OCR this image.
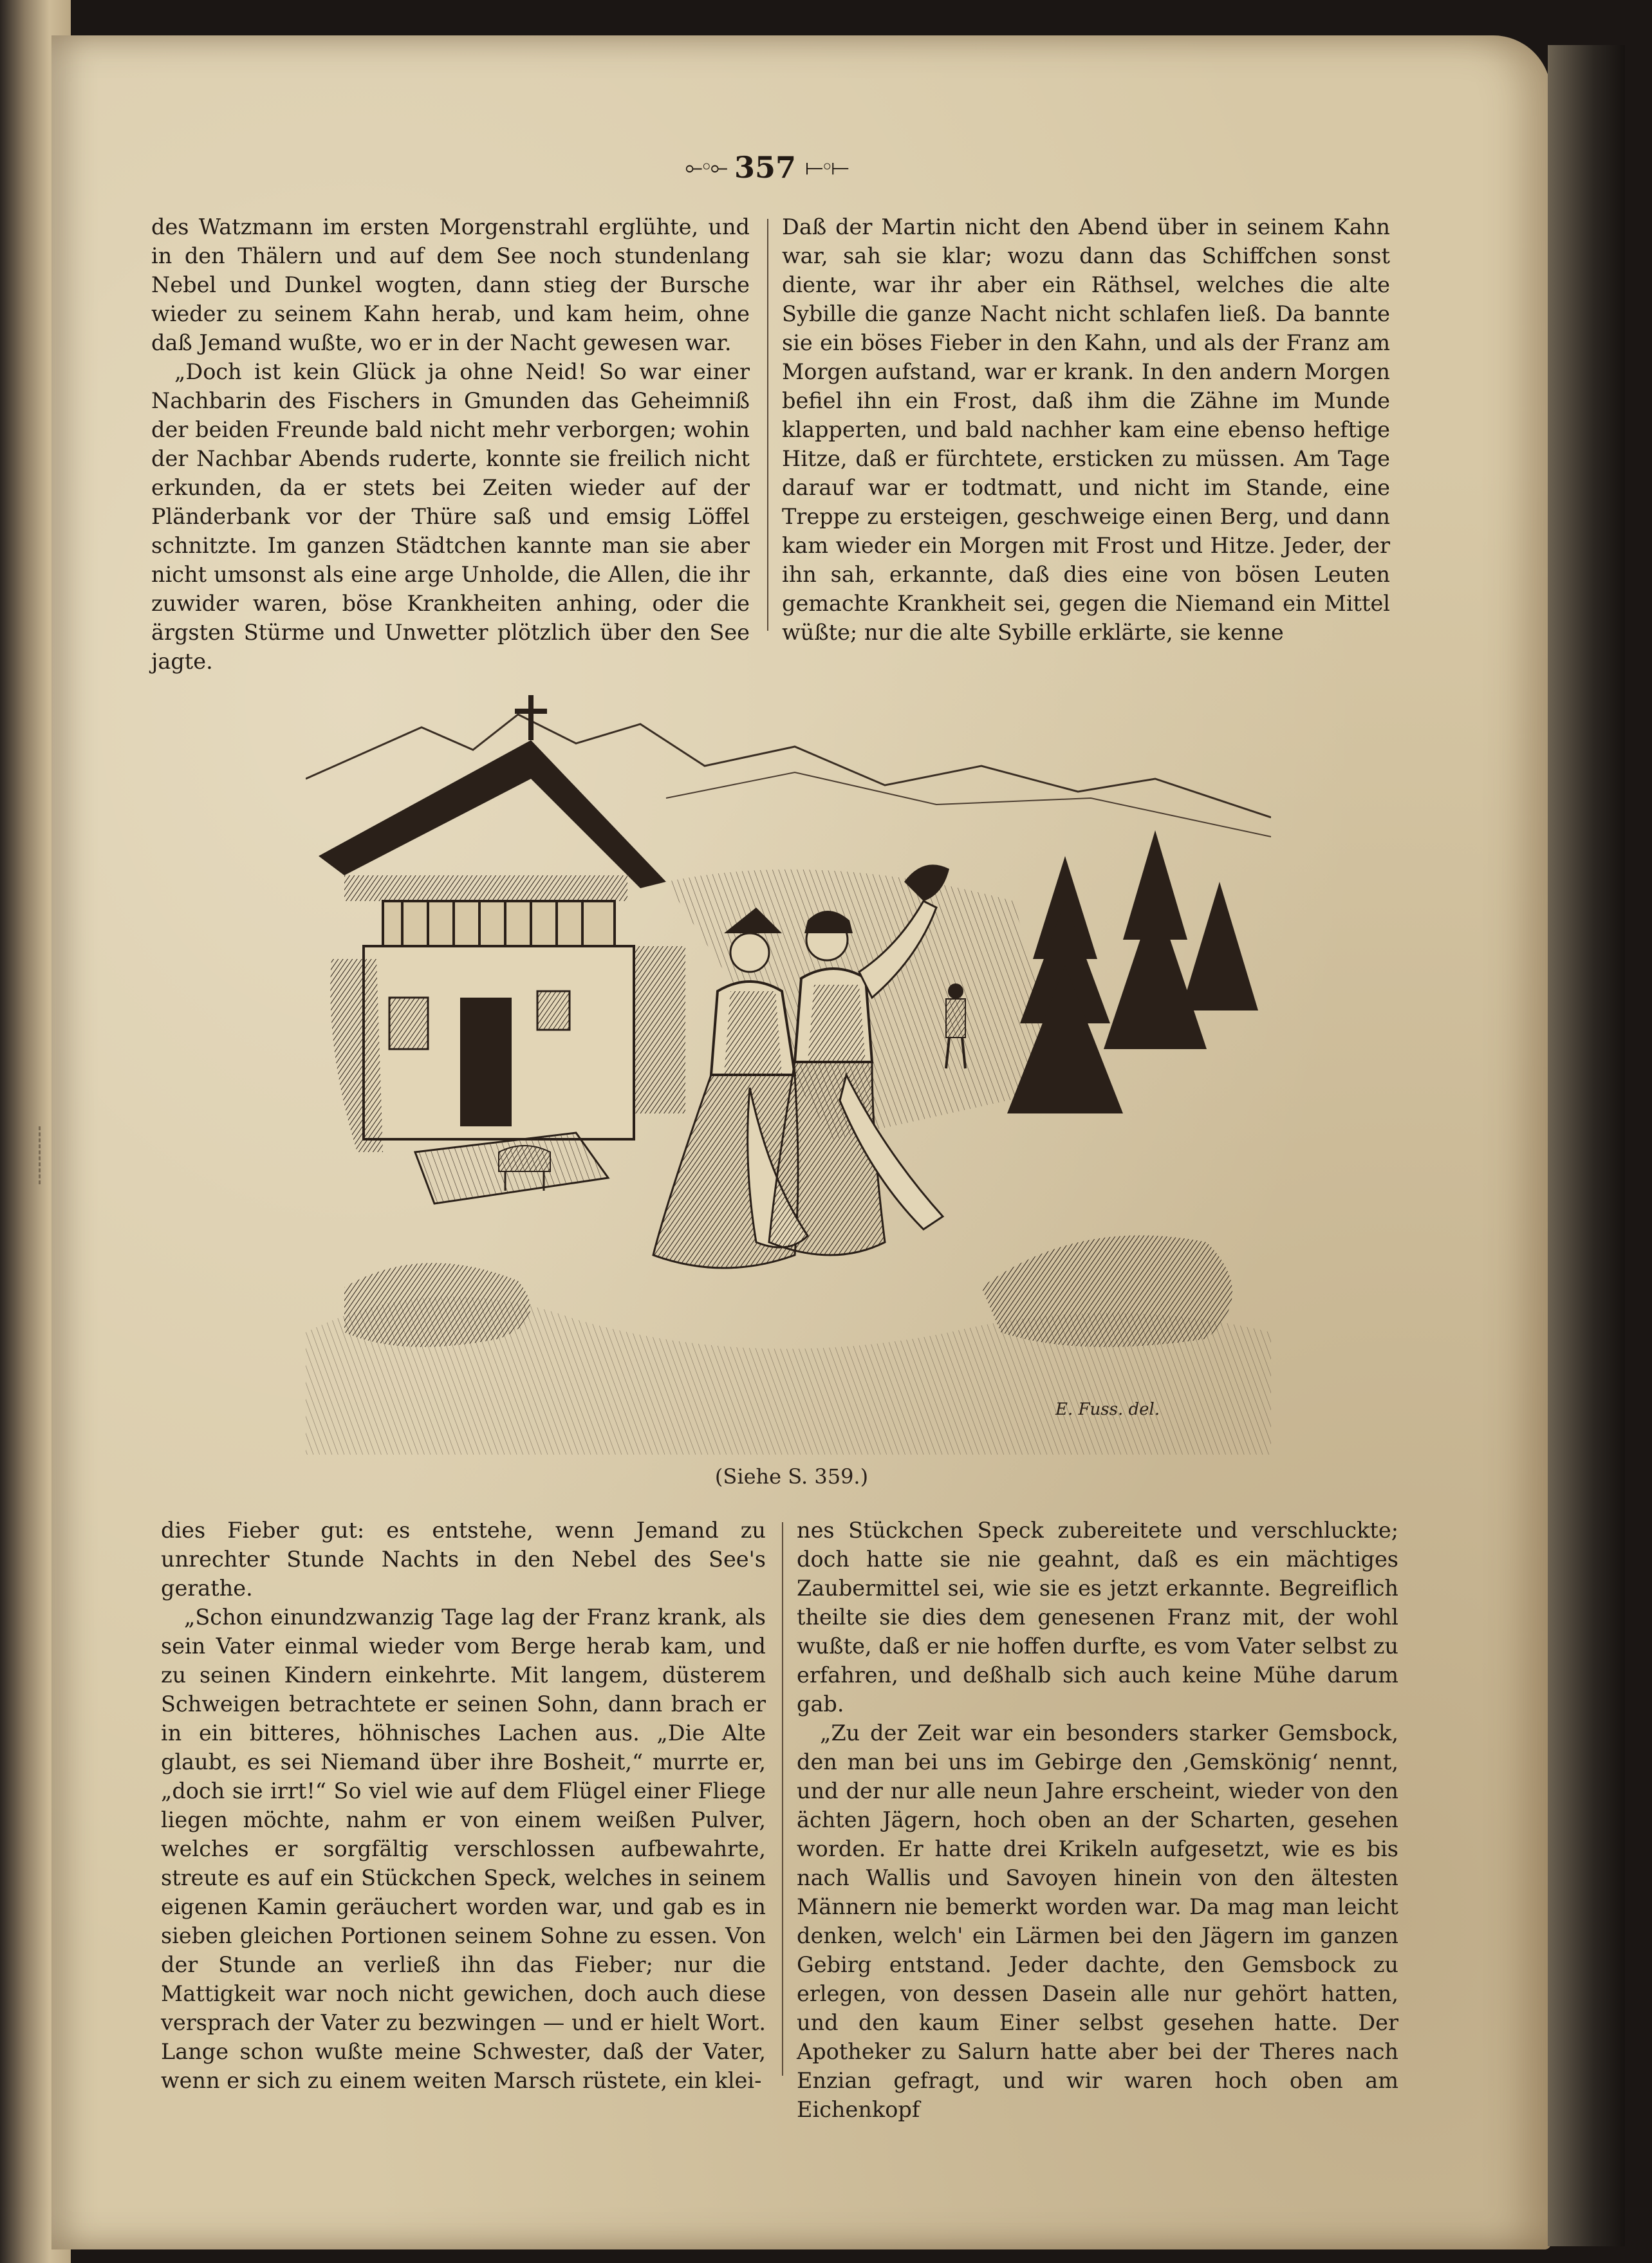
⟜◦⟜ 357 ⟝◦⟝

des Watzmann im ersten Morgenstrahl erglühte, und in den Thälern und auf dem See noch stundenlang Nebel und Dunkel wogten, dann stieg der Bursche wieder zu seinem Kahn herab, und kam heim, ohne daß Jemand wußte, wo er in der Nacht gewesen war.

„Doch ist kein Glück ja ohne Neid! So war einer Nachbarin des Fischers in Gmunden das Geheimniß der beiden Freunde bald nicht mehr verborgen; wohin der Nachbar Abends ruderte, konnte sie freilich nicht erkunden, da er stets bei Zeiten wieder auf der Pländerbank vor der Thüre saß und emsig Löffel schnitzte. Im ganzen Städtchen kannte man sie aber nicht umsonst als eine arge Unholde, die Allen, die ihr zuwider waren, böse Krankheiten anhing, oder die ärgsten Stürme und Unwetter plötzlich über den See jagte.

Daß der Martin nicht den Abend über in seinem Kahn war, sah sie klar; wozu dann das Schiffchen sonst diente, war ihr aber ein Räthsel, welches die alte Sybille die ganze Nacht nicht schlafen ließ. Da bannte sie ein böses Fieber in den Kahn, und als der Franz am Morgen aufstand, war er krank. In den andern Morgen befiel ihn ein Frost, daß ihm die Zähne im Munde klapperten, und bald nachher kam eine ebenso heftige Hitze, daß er fürchtete, ersticken zu müssen. Am Tage darauf war er todtmatt, und nicht im Stande, eine Treppe zu ersteigen, geschweige einen Berg, und dann kam wieder ein Morgen mit Frost und Hitze. Jeder, der ihn sah, erkannte, daß dies eine von bösen Leuten gemachte Krankheit sei, gegen die Niemand ein Mittel wüßte; nur die alte Sybille erklärte, sie kenne

E. Fuss. del.
(Siehe S. 359.)

dies Fieber gut: es entstehe, wenn Jemand zu unrechter Stunde Nachts in den Nebel des See's gerathe.

„Schon einundzwanzig Tage lag der Franz krank, als sein Vater einmal wieder vom Berge herab kam, und zu seinen Kindern einkehrte. Mit langem, düsterem Schweigen betrachtete er seinen Sohn, dann brach er in ein bitteres, höhnisches Lachen aus. „Die Alte glaubt, es sei Niemand über ihre Bosheit,“ murrte er, „doch sie irrt!“ So viel wie auf dem Flügel einer Fliege liegen möchte, nahm er von einem weißen Pulver, welches er sorgfältig verschlossen aufbewahrte, streute es auf ein Stückchen Speck, welches in seinem eigenen Kamin geräuchert worden war, und gab es in sieben gleichen Portionen seinem Sohne zu essen. Von der Stunde an verließ ihn das Fieber; nur die Mattigkeit war noch nicht gewichen, doch auch diese versprach der Vater zu bezwingen — und er hielt Wort. Lange schon wußte meine Schwester, daß der Vater, wenn er sich zu einem weiten Marsch rüstete, ein klei-

nes Stückchen Speck zubereitete und verschluckte; doch hatte sie nie geahnt, daß es ein mächtiges Zaubermittel sei, wie sie es jetzt erkannte. Begreiflich theilte sie dies dem genesenen Franz mit, der wohl wußte, daß er nie hoffen durfte, es vom Vater selbst zu erfahren, und deßhalb sich auch keine Mühe darum gab.

„Zu der Zeit war ein besonders starker Gemsbock, den man bei uns im Gebirge den ‚Gemskönig‘ nennt, und der nur alle neun Jahre erscheint, wieder von den ächten Jägern, hoch oben an der Scharten, gesehen worden. Er hatte drei Krikeln aufgesetzt, wie es bis nach Wallis und Savoyen hinein von den ältesten Männern nie bemerkt worden war. Da mag man leicht denken, welch' ein Lärmen bei den Jägern im ganzen Gebirg entstand. Jeder dachte, den Gemsbock zu erlegen, von dessen Dasein alle nur gehört hatten, und den kaum Einer selbst gesehen hatte. Der Apotheker zu Salurn hatte aber bei der Theres nach Enzian gefragt, und wir waren hoch oben am Eichenkopf
